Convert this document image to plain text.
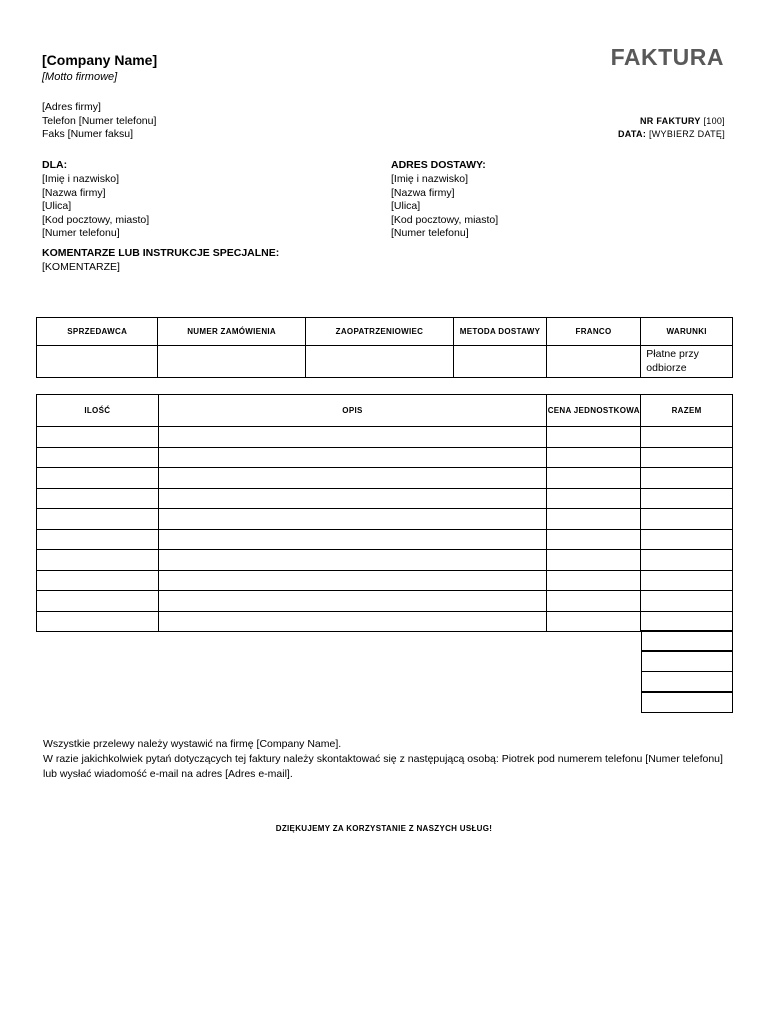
[Company Name]
[Motto firmowe]
FAKTURA
[Adres firmy]
Telefon [Numer telefonu]
Faks [Numer faksu]
NR FAKTURY [100]
DATA: [WYBIERZ DATĘ]
DLA:
[Imię i nazwisko]
[Nazwa firmy]
[Ulica]
[Kod pocztowy, miasto]
[Numer telefonu]
ADRES DOSTAWY:
[Imię i nazwisko]
[Nazwa firmy]
[Ulica]
[Kod pocztowy, miasto]
[Numer telefonu]
KOMENTARZE LUB INSTRUKCJE SPECJALNE:
[KOMENTARZE]
SPRZEDAWCA	NUMER ZAMÓWIENIA	ZAOPATRZENIOWIEC	METODA DOSTAWY	FRANCO	WARUNKI
					Płatne przy odbiorze
ILOŚĆ	OPIS	CENA JEDNOSTKOWA	RAZEM

Wszystkie przelewy należy wystawić na firmę [Company Name].
W razie jakichkolwiek pytań dotyczących tej faktury należy skontaktować się z następującą osobą: Piotrek pod numerem telefonu [Numer telefonu] lub wysłać wiadomość e-mail na adres [Adres e-mail].
DZIĘKUJEMY ZA KORZYSTANIE Z NASZYCH USŁUG!
